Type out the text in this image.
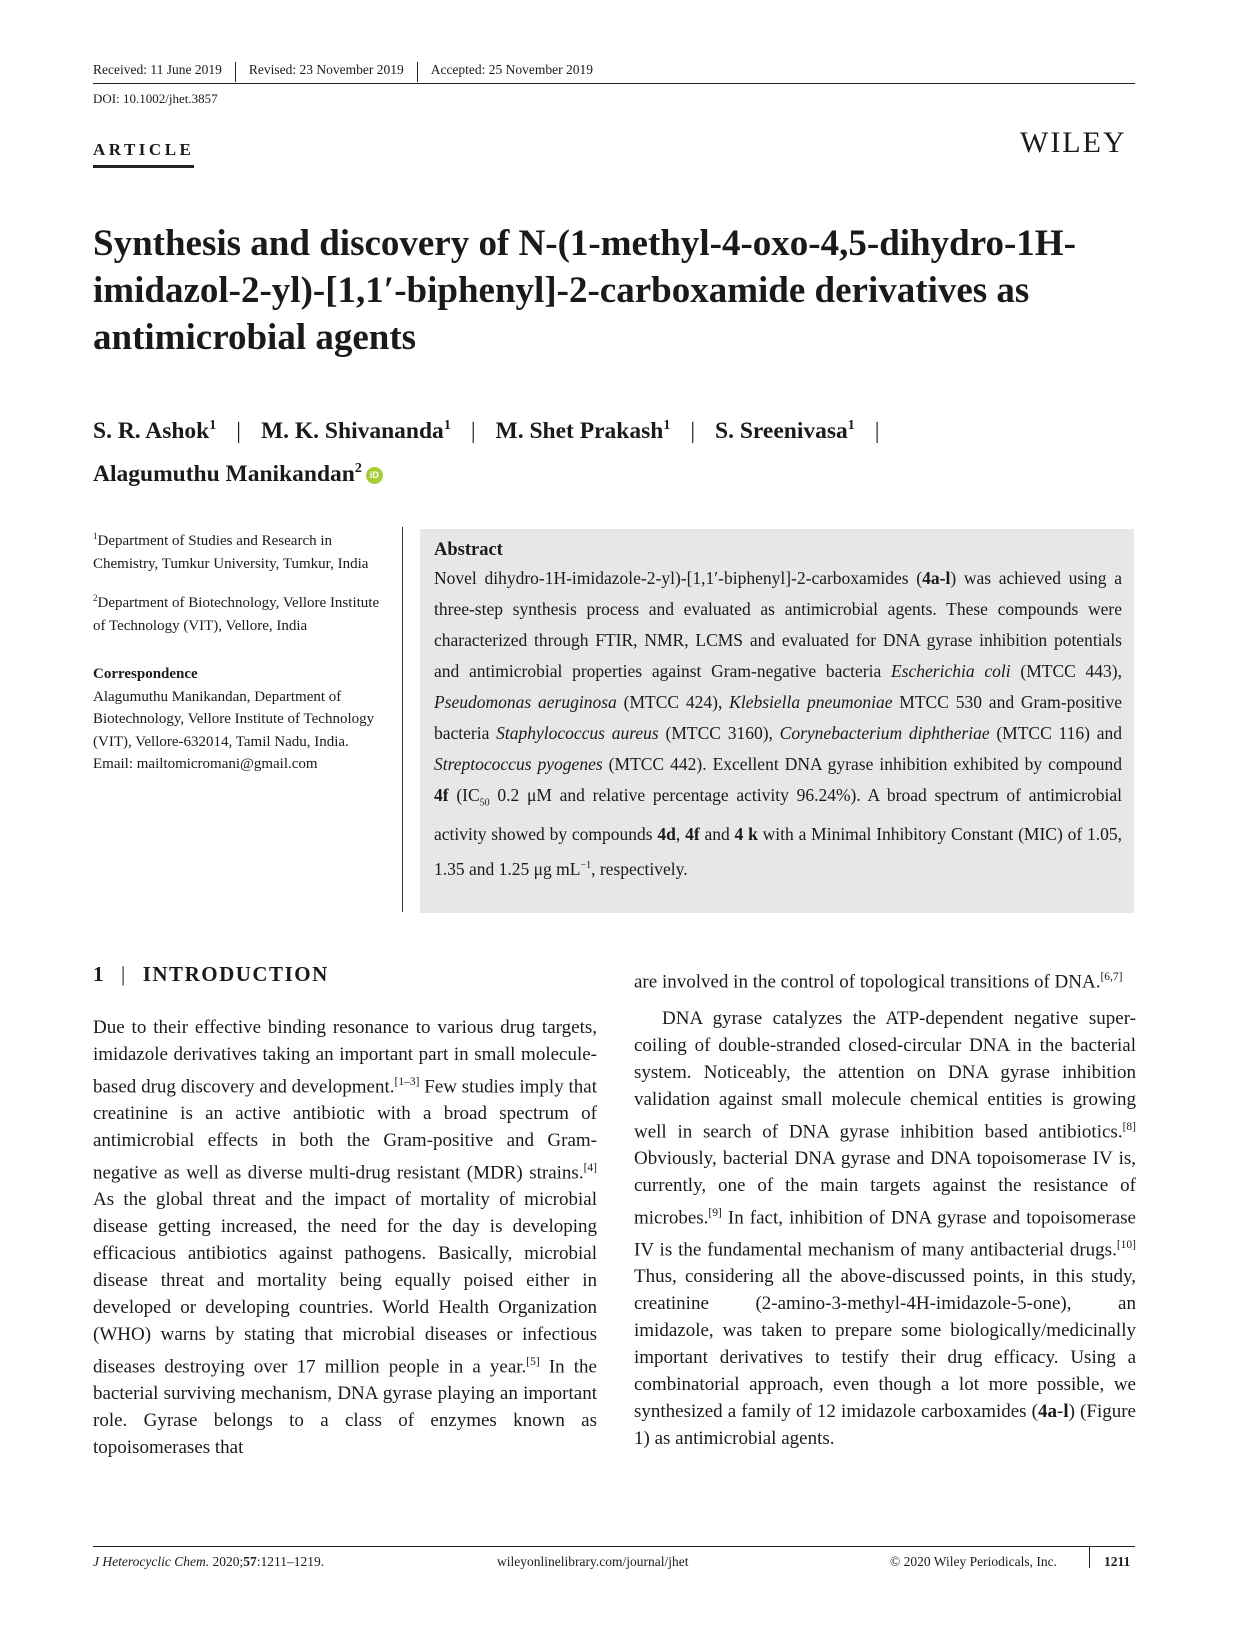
Received: 11 June 2019	Revised: 23 November 2019	Accepted: 25 November 2019
DOI: 10.1002/jhet.3857
ARTICLE	WILEY
Synthesis and discovery of N-(1-methyl-4-oxo-4,5-dihydro-1H-imidazol-2-yl)-[1,1′-biphenyl]-2-carboxamide derivatives as antimicrobial agents
S. R. Ashok$^1$ | M. K. Shivananda$^1$ | M. Shet Prakash$^1$ | S. Sreenivasa$^1$ |
Alagumuthu Manikandan$^2$ iD

$^1$Department of Studies and Research in Chemistry, Tumkur University, Tumkur, India

$^2$Department of Biotechnology, Vellore Institute of Technology (VIT), Vellore, India

Correspondence
Alagumuthu Manikandan, Department of Biotechnology, Vellore Institute of Technology (VIT), Vellore-632014, Tamil Nadu, India.
Email: mailtomicromani@gmail.com
Abstract
Novel dihydro-1H-imidazole-2-yl)-[1,1′-biphenyl]-2-carboxamides (4a-l) was achieved using a three-step synthesis process and evaluated as antimicrobial agents. These compounds were characterized through FTIR, NMR, LCMS and evaluated for DNA gyrase inhibition potentials and antimicrobial properties against Gram-negative bacteria Escherichia coli (MTCC 443), Pseudomonas aeruginosa (MTCC 424), Klebsiella pneumoniae MTCC 530 and Gram-positive bacteria Staphylococcus aureus (MTCC 3160), Corynebacterium diphtheriae (MTCC 116) and Streptococcus pyogenes (MTCC 442). Excellent DNA gyrase inhibition exhibited by compound 4f ($IC_{50}$ 0.2 μM and relative percentage activity 96.24%). A broad spectrum of antimicrobial activity showed by compounds 4d, 4f and 4 k with a Minimal Inhibitory Constant (MIC) of 1.05, 1.35 and 1.25 μg $mL^{-1}$, respectively.
1 | INTRODUCTION

Due to their effective binding resonance to various drug targets, imidazole derivatives taking an important part in small molecule-based drug discovery and development.[1–3] Few studies imply that creatinine is an active antibiotic with a broad spectrum of antimicrobial effects in both the Gram-positive and Gram-negative as well as diverse multi-drug resistant (MDR) strains.[4] As the global threat and the impact of mortality of microbial disease getting increased, the need for the day is developing efficacious antibiotics against pathogens. Basically, microbial disease threat and mortality being equally poised either in developed or developing countries. World Health Organization (WHO) warns by stating that microbial diseases or infectious diseases destroying over 17 million people in a year.[5] In the bacterial surviving mechanism, DNA gyrase playing an important role. Gyrase belongs to a class of enzymes known as topoisomerases that

are involved in the control of topological transitions of DNA.[6,7]

DNA gyrase catalyzes the ATP-dependent negative super-coiling of double-stranded closed-circular DNA in the bacterial system. Noticeably, the attention on DNA gyrase inhibition validation against small molecule chemical entities is growing well in search of DNA gyrase inhibition based antibiotics.[8] Obviously, bacterial DNA gyrase and DNA topoisomerase IV is, currently, one of the main targets against the resistance of microbes.[9] In fact, inhibition of DNA gyrase and topoisomerase IV is the fundamental mechanism of many antibacterial drugs.[10] Thus, considering all the above-discussed points, in this study, creatinine (2-amino-3-methyl-4H-imidazole-5-one), an imidazole, was taken to prepare some biologically/medicinally important derivatives to testify their drug efficacy. Using a combinatorial approach, even though a lot more possible, we synthesized a family of 12 imidazole carboxamides (4a-l) (Figure 1) as antimicrobial agents.

J Heterocyclic Chem. 2020;57:1211–1219.	wileyonlinelibrary.com/journal/jhet	© 2020 Wiley Periodicals, Inc.	1211
